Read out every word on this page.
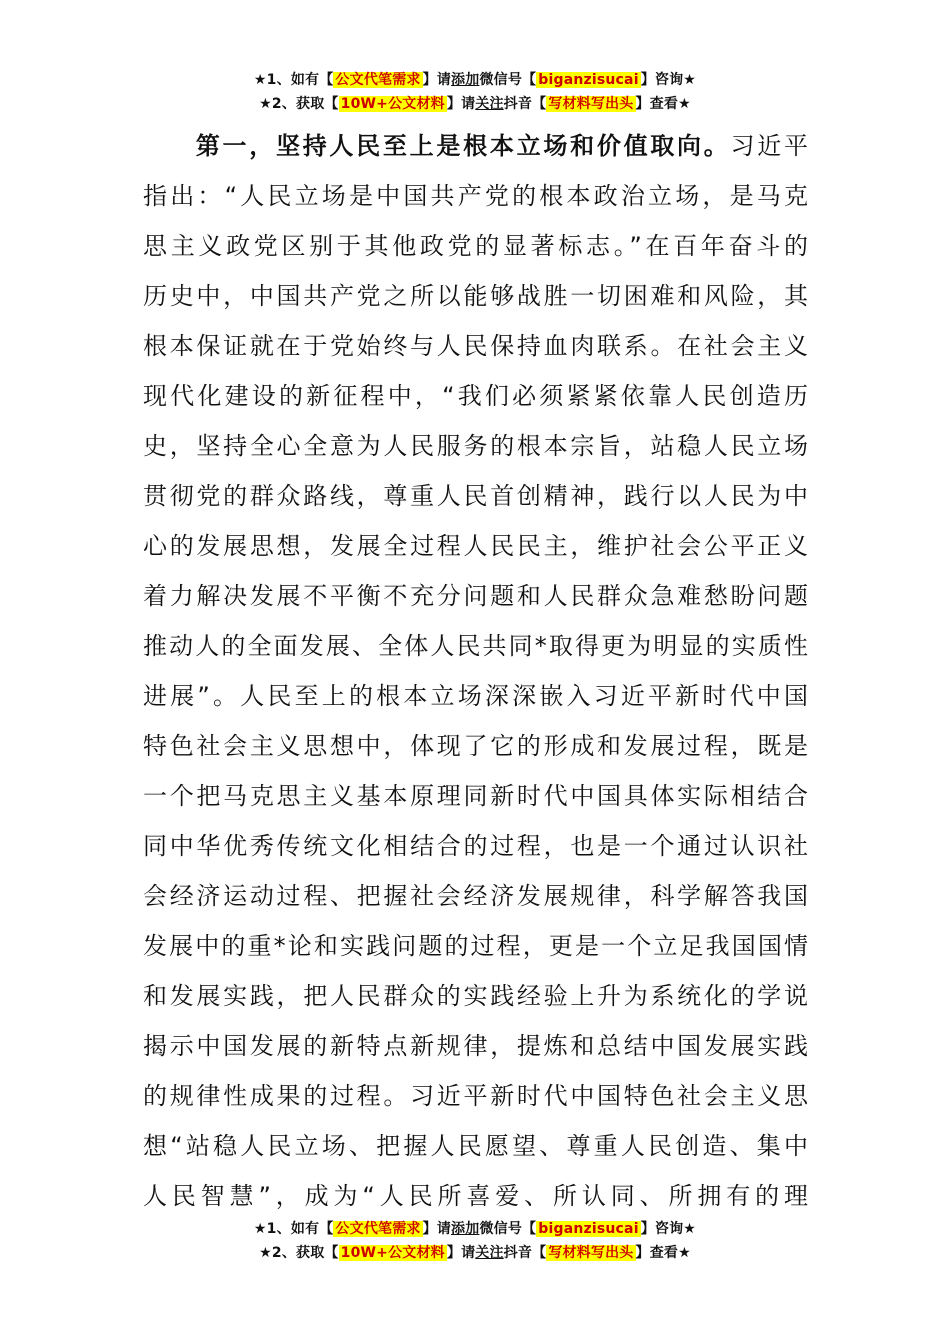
★1、如有【 公文代笔需求 】请添加微信号【 biganzisucai 】咨询★
★2、获取【 10W+公文材料 】请关注抖音【 写材料写出头 】查看★
第一，坚持人民至上是根本立场和价值取向。习近平
指出：“人民立场是中国共产党的根本政治立场，是马克
思主义政党区别于其他政党的显著标志。”在百年奋斗的
历史中，中国共产党之所以能够战胜一切困难和风险，其
根本保证就在于党始终与人民保持血肉联系。在社会主义
现代化建设的新征程中，“我们必须紧紧依靠人民创造历
史，坚持全心全意为人民服务的根本宗旨，站稳人民立场
贯彻党的群众路线，尊重人民首创精神，践行以人民为中
心的发展思想，发展全过程人民民主，维护社会公平正义
着力解决发展不平衡不充分问题和人民群众急难愁盼问题
推动人的全面发展、全体人民共同*取得更为明显的实质性
进展”。人民至上的根本立场深深嵌入习近平新时代中国
特色社会主义思想中，体现了它的形成和发展过程，既是
一个把马克思主义基本原理同新时代中国具体实际相结合
同中华优秀传统文化相结合的过程，也是一个通过认识社
会经济运动过程、把握社会经济发展规律，科学解答我国
发展中的重*论和实践问题的过程，更是一个立足我国国情
和发展实践，把人民群众的实践经验上升为系统化的学说
揭示中国发展的新特点新规律，提炼和总结中国发展实践
的规律性成果的过程。习近平新时代中国特色社会主义思
想“站稳人民立场、把握人民愿望、尊重人民创造、集中
人民智慧”，成为“人民所喜爱、所认同、所拥有的理
★1、如有【 公文代笔需求 】请添加微信号【 biganzisucai 】咨询★
★2、获取【 10W+公文材料 】请关注抖音【 写材料写出头 】查看★
